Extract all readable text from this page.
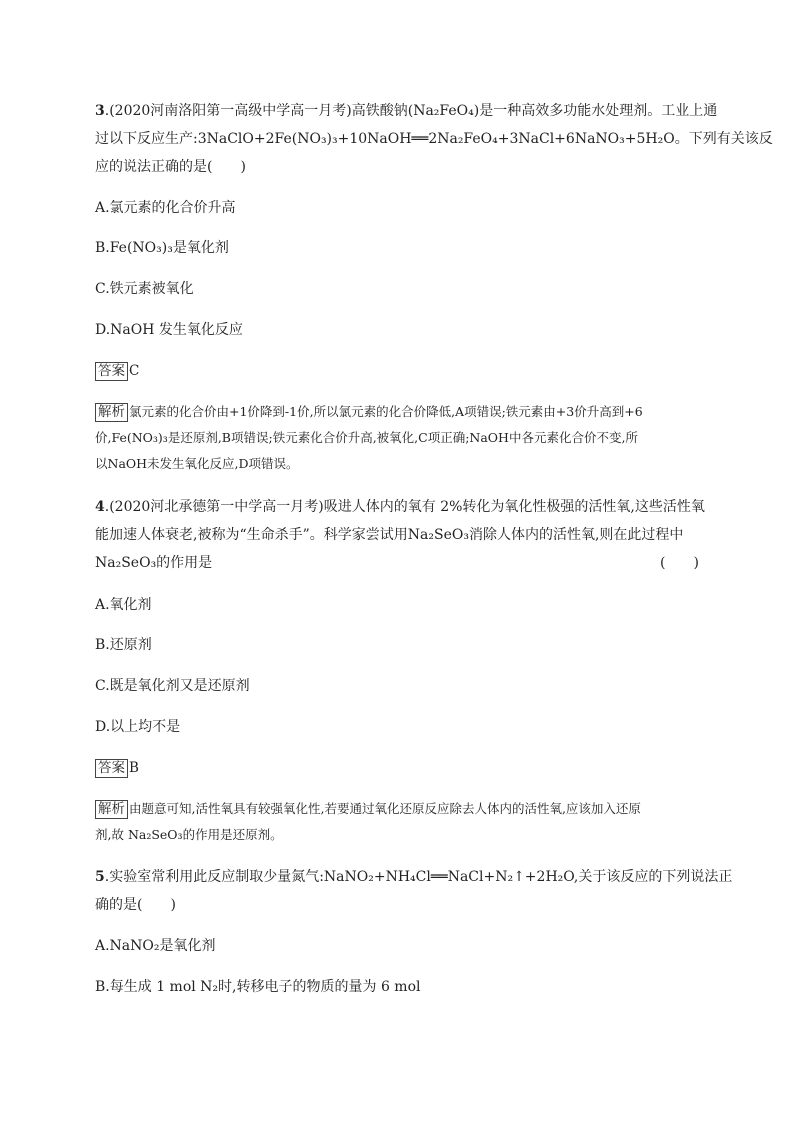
3.(2020河南洛阳第一高级中学高一月考)高铁酸钠(Na₂FeO₄)是一种高效多功能水处理剂。工业上通
过以下反应生产:3NaClO+2Fe(NO₃)₃+10NaOH══2Na₂FeO₄+3NaCl+6NaNO₃+5H₂O。下列有关该反
应的说法正确的是(　　)
A.氯元素的化合价升高
B.Fe(NO₃)₃是氧化剂
C.铁元素被氧化
D.NaOH 发生氧化反应
答案 C
解析 氯元素的化合价由+1价降到-1价,所以氯元素的化合价降低,A项错误;铁元素由+3价升高到+6
价,Fe(NO₃)₃是还原剂,B项错误;铁元素化合价升高,被氧化,C项正确;NaOH中各元素化合价不变,所
以NaOH未发生氧化反应,D项错误。
4.(2020河北承德第一中学高一月考)吸进人体内的氧有 2%转化为氧化性极强的活性氧,这些活性氧
能加速人体衰老,被称为“生命杀手”。科学家尝试用Na₂SeO₃消除人体内的活性氧,则在此过程中
Na₂SeO₃的作用是	(　　)
A.氧化剂
B.还原剂
C.既是氧化剂又是还原剂
D.以上均不是
答案 B
解析 由题意可知,活性氧具有较强氧化性,若要通过氧化还原反应除去人体内的活性氧,应该加入还原
剂,故 Na₂SeO₃的作用是还原剂。
5.实验室常利用此反应制取少量氮气:NaNO₂+NH₄Cl══NaCl+N₂↑+2H₂O,关于该反应的下列说法正
确的是(　　)
A.NaNO₂是氧化剂
B.每生成 1 mol N₂时,转移电子的物质的量为 6 mol
